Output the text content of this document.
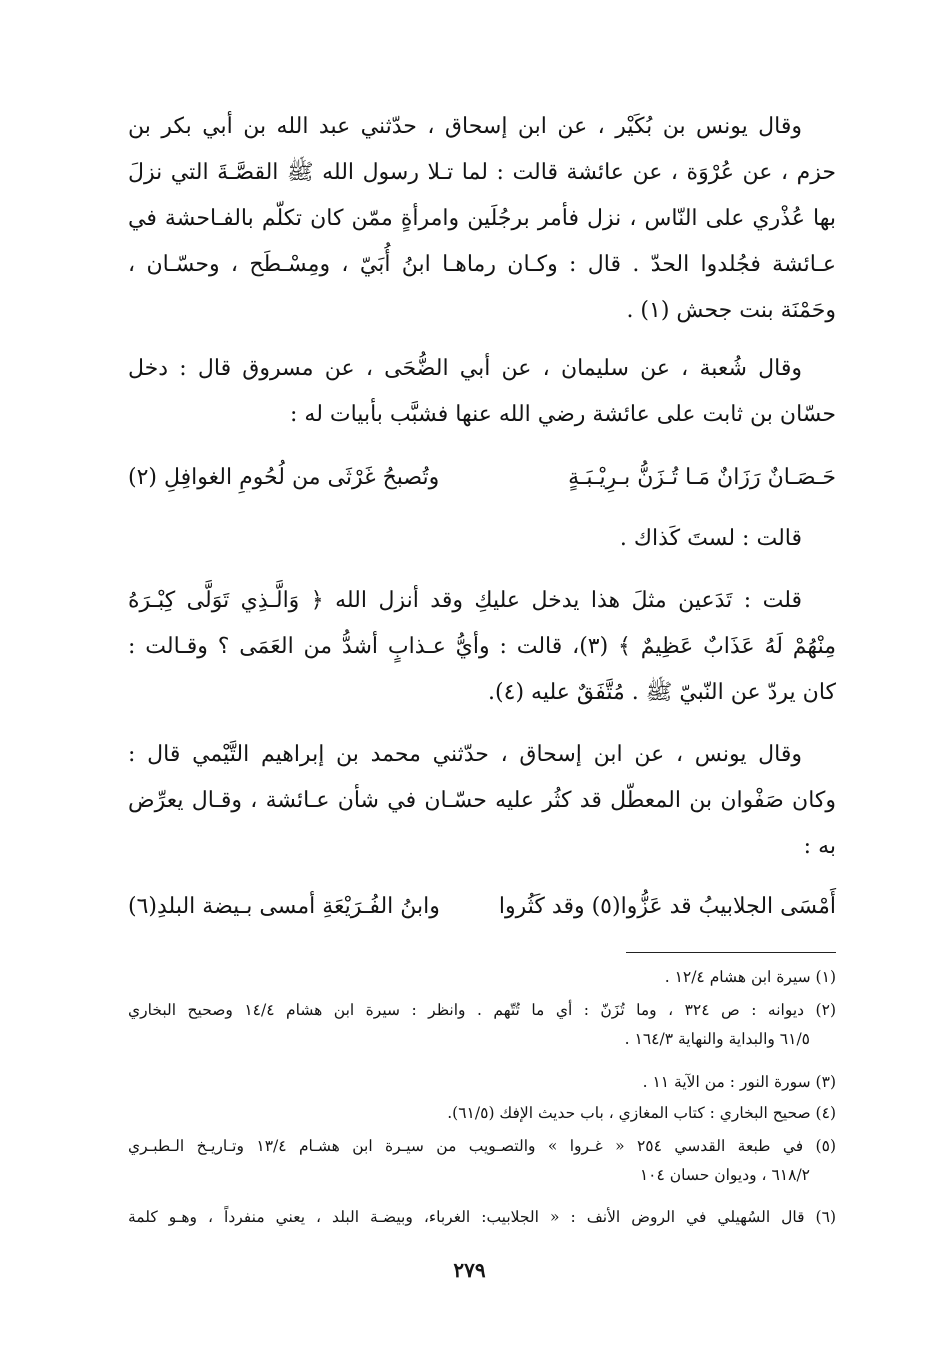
وقال يونس بن بُكَيْر ، عن ابن إسحاق ، حدّثني عبد الله بن أبي بكر بن
حزم ، عن عُرْوَة ، عن عائشة قالت : لما تـلا رسول الله ﷺ القصَّـةَ التي نزلَ
بها عُذْري على النّاس ، نزل فأمر برجُلَين وامرأةٍ ممّن كان تكلّم بالفـاحشة في
عـائشة فجُلدوا الحدّ . قال : وكـان رماهـا ابنُ أُبَيّ ، ومِسْـطَح ، وحسّـان ،
وحَمْنَة بنت جحش (١) .

وقال شُعبة ، عن سليمان ، عن أبي الضُّحَى ، عن مسروق قال : دخل
حسّان بن ثابت على عائشة رضي الله عنها فشبَّب بأبيات له :

حَـصَـانٌ رَزَانٌ مَـا تُـزَنُّ بـرِيْـبَـةٍ
وتُصبحُ غَرْثَى من لُحُومِ الغوافِلِ (٢)

قالت : لستَ كَذاك .

قلت : تَدَعين مثلَ هذا يدخل عليكِ وقد أنزل الله ﴿ وَالَّـذِي تَوَلَّى كِبْـرَهُ
مِنْهُمْ لَهُ عَذَابٌ عَظِيمٌ ﴾ (٣)، قالت : وأيُّ عـذابٍ أشدُّ من العَمَى ؟ وقـالت :
كان يردّ عن النّبيّ ﷺ . مُتَّفَقٌ عليه (٤).

وقال يونس ، عن ابن إسحاق ، حدّثني محمد بن إبراهيم التَّيْمي قال :
وكان صَفْوان بن المعطّل قد كثُر عليه حسّـان في شأن عـائشة ، وقـال يعرِّض
به :

أَمْسَى الجلابيبُ قد عَزُّوا(٥) وقد كَثُروا
وابنُ الفُـرَيْعَةِ أمسى بـيضة البلدِ(٦)
(١) سيرة ابن هشام ١٢/٤ .
(٢) ديوانه : ص ٣٢٤ ، وما تُزَنّ : أي ما تُتّهم . وانظر : سيرة ابن هشام ١٤/٤ وصحيح البخاري
٦١/٥ والبداية والنهاية ١٦٤/٣ .
(٣) سورة النور : من الآية ١١ .
(٤) صحيح البخاري : كتاب المغازي ، باب حديث الإفك (٦١/٥).
(٥) في طبعة القدسي ٢٥٤ « غـروا » والتصـويب من سيـرة ابن هشـام ١٣/٤ وتـاريـخ الـطبـري
٦١٨/٢ ، وديوان حسان ١٠٤
(٦) قال السُهيلي في الروض الأنف : « الجلابيب: الغرباء، وبيضـة البلد ، يعني منفرداً ، وهـو كلمة
٢٧٩
